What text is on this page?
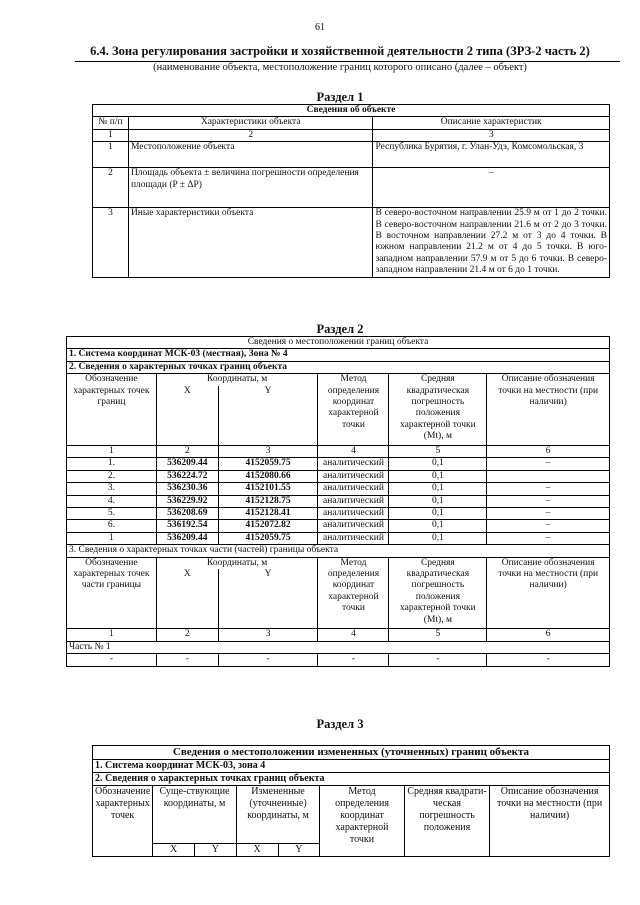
61
6.4. Зона регулирования застройки и хозяйственной деятельности 2 типа (ЗРЗ-2 часть 2)
(наименование объекта, местоположение границ которого описано (далее – объект)
Раздел 1
Сведения об объекте		
№ п/п	Характеристики объекта	Описание характеристик
1	2	3
1	Местоположение объекта	Республика Бурятия, г. Улан-Удэ, Комсомольская, 3
2	Площадь объекта ± величина погрешности определения площади (P ± ΔP)	–
3	Иные характеристики объекта	В северо-восточном направлении 25.9 м от 1 до 2 точки. В северо-восточном направлении 21.6 м от 2 до 3 точки. В восточном направлении 27.2 м от 3 до 4 точки. В южном направлении 21.2 м от 4 до 5 точки. В юго-западном направлении 57.9 м от 5 до 6 точки. В северо-западном направлении 21.4 м от 6 до 1 точки.
Раздел 2
Сведения о местоположении границ объекта					
1. Система координат МСК-03 (местная), Зона № 4					
2. Сведения о характерных точках границ объекта					
Обозначение характерных точек границ	Координаты, м		Метод определения координат характерной точки	Средняя квадратическая погрешность положения характерной точки (Mt), м	Описание обозначения точки на местности (при наличии)
	X	Y			
1	2	3	4	5	6
1.	536209.44	4152059.75	аналитический	0,1	–
2.	536224.72	4152080.66	аналитический	0,1	
3.	536230.36	4152101.55	аналитический	0,1	–
4.	536229.92	4152128.75	аналитический	0,1	–
5.	536208.69	4152128.41	аналитический	0,1	–
6.	536192.54	4152072.82	аналитический	0,1	–
1	536209.44	4152059.75	аналитический	0,1	–
3. Сведения о характерных точках части (частей) границы объекта					
Обозначение характерных точек части границы	Координаты, м		Метод определения координат характерной точки	Средняя квадратическая погрешность положения характерной точки (Mt), м	Описание обозначения точки на местности (при наличии)
	X	Y			
1	2	3	4	5	6
Часть № 1					
-	-	-	-	-	-
Раздел 3
Сведения о местоположении измененных (уточненных) границ объекта							
1. Система координат МСК-03, зона 4							
2. Сведения о характерных точках границ объекта							
Обозначение характерных точек	Суще-ствующие координаты, м		Измененные (уточненные) координаты, м		Метод определения координат характерной точки	Средняя квадрати-ческая погрешность положения	Описание обозначения точки на местности (при наличии)
	X	Y	X	Y			
